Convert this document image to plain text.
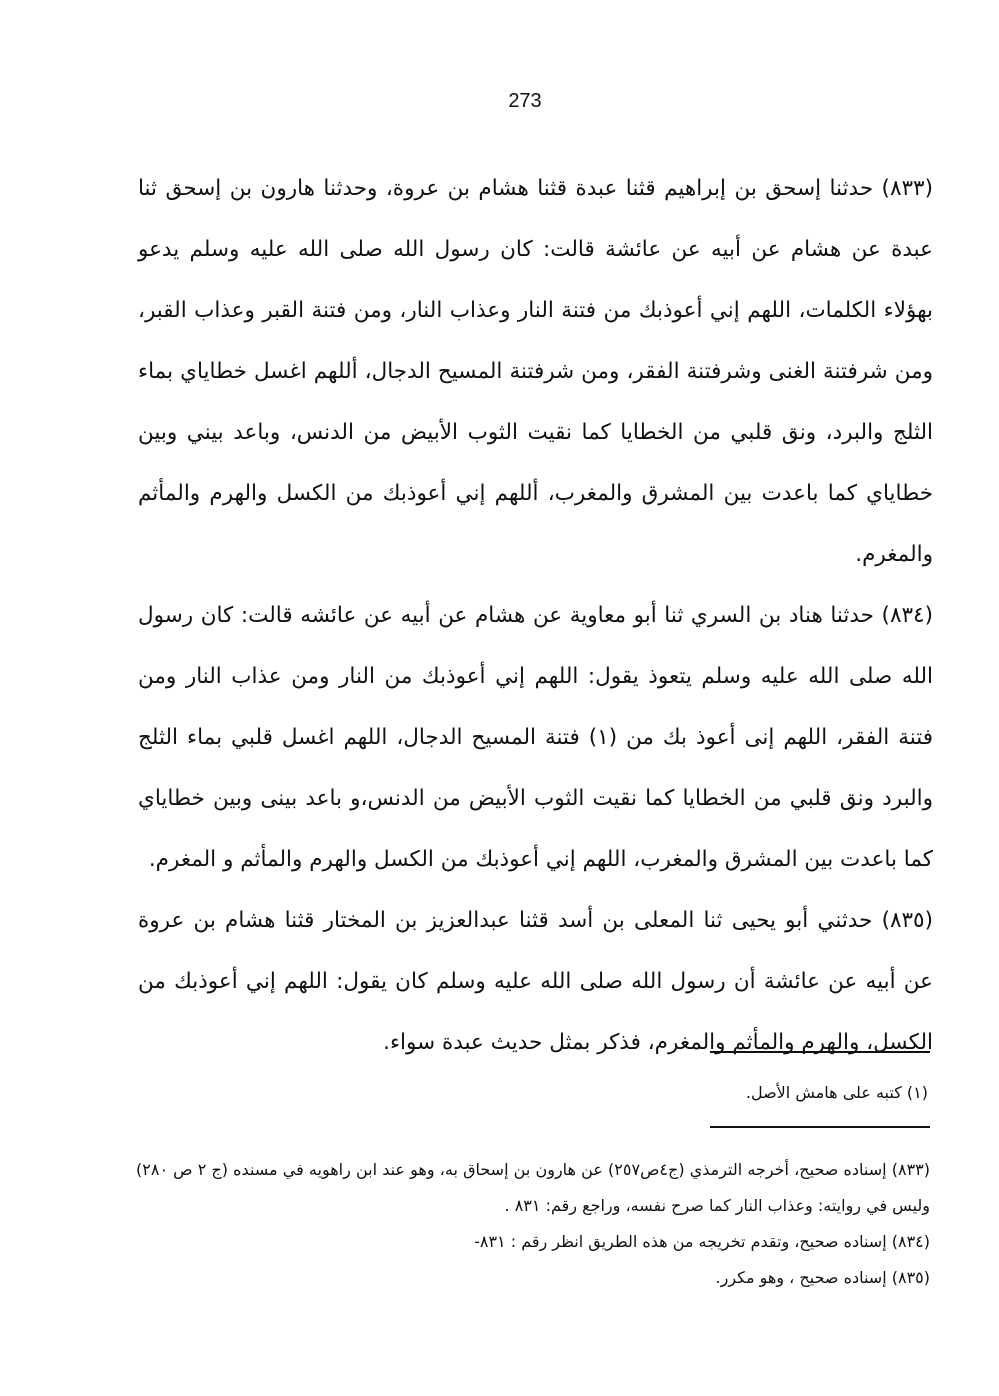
273

(٨٣٣) حدثنا إسحق بن إبراهيم قثنا عبدة قثنا هشام بن عروة، وحدثنا هارون بن إسحق ثنا عبدة عن هشام عن أبيه عن عائشة قالت: كان رسول الله صلى الله عليه وسلم يدعو بهؤلاء الكلمات، اللهم إني أعوذبك من فتنة النار وعذاب النار، ومن فتنة القبر وعذاب القبر، ومن شرفتنة الغنى وشرفتنة الفقر، ومن شرفتنة المسيح الدجال، أللهم اغسل خطاياي بماء الثلج والبرد، ونق قلبي من الخطايا كما نقيت الثوب الأبيض من الدنس، وباعد بيني وبين خطاياي كما باعدت بين المشرق والمغرب، أللهم إني أعوذبك من الكسل والهرم والمأثم والمغرم.

(٨٣٤) حدثنا هناد بن السري ثنا أبو معاوية عن هشام عن أبيه عن عائشه قالت: كان رسول الله صلى الله عليه وسلم يتعوذ يقول: اللهم إني أعوذبك من النار ومن عذاب النار ومن فتنة الفقر، اللهم إنى أعوذ بك من (١) فتنة المسيح الدجال، اللهم اغسل قلبي بماء الثلج والبرد ونق قلبي من الخطايا كما نقيت الثوب الأبيض من الدنس،و باعد بينى وبين خطاياي كما باعدت بين المشرق والمغرب، اللهم إني أعوذبك من الكسل والهرم والمأثم و المغرم.

(٨٣٥) حدثني أبو يحيى ثنا المعلى بن أسد قثنا عبدالعزيز بن المختار قثنا هشام بن عروة عن أبيه عن عائشة أن رسول الله صلى الله عليه وسلم كان يقول: اللهم إني أعوذبك من الكسل، والهرم والمأثم والمغرم، فذكر بمثل حديث عبدة سواء.

(١) كتبه على هامش الأصل.

(٨٣٣) إسناده صحيح، أخرجه الترمذي (ج٤ص٢٥٧) عن هارون بن إسحاق به، وهو عند ابن راهويه في مسنده (ج ٢ ص ٢٨٠) وليس في روايته: وعذاب النار كما صرح نفسه، وراجع رقم: ٨٣١ .

(٨٣٤) إسناده صحيح، وتقدم تخريجه من هذه الطريق انظر رقم : ٨٣١-

(٨٣٥) إسناده صحيح ، وهو مكرر.
